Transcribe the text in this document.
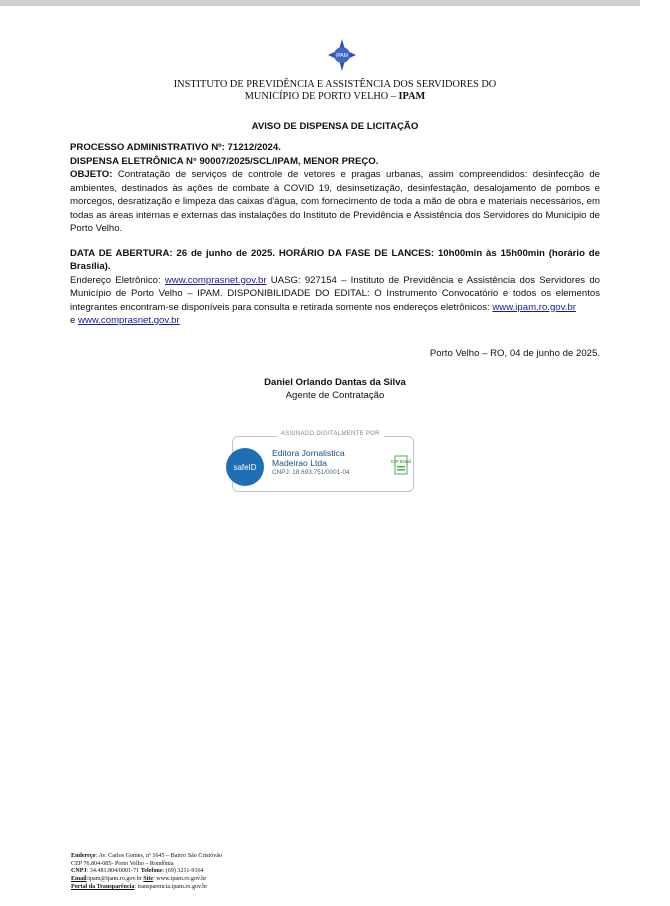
IPAM
INSTITUTO DE PREVIDÊNCIA E ASSISTÊNCIA DOS SERVIDORES DO
MUNICÍPIO DE PORTO VELHO – IPAM
AVISO DE DISPENSA DE LICITAÇÃO

PROCESSO ADMINISTRATIVO Nº: 71212/2024.

DISPENSA ELETRÔNICA N° 90007/2025/SCL/IPAM, MENOR PREÇO.

OBJETO: Contratação de serviços de controle de vetores e pragas urbanas, assim compreendidos: desinfecção de ambientes, destinados às ações de combate à COVID 19, desinsetização, desinfestação, desalojamento de pombos e morcegos, desratização e limpeza das caixas d'água, com fornecimento de toda a mão de obra e materiais necessários, em todas as áreas internas e externas das instalações do Instituto de Previdência e Assistência dos Servidores do Município de Porto Velho.

DATA DE ABERTURA: 26 de junho de 2025. HORÁRIO DA FASE DE LANCES: 10h00min às 15h00min (horário de Brasília).

Endereço Eletrônico: www.comprasnet.gov.br UASG: 927154 – Instituto de Previdência e Assistência dos Servidores do Município de Porto Velho – IPAM. DISPONIBILIDADE DO EDITAL: O Instrumento Convocatório e todos os elementos integrantes encontram-se disponíveis para consulta e retirada somente nos endereços eletrônicos: www.ipam.ro.gov.br
e www.comprasnet.gov.br

Porto Velho – RO, 04 de junho de 2025.
Daniel Orlando Dantas da Silva
Agente de Contratação
ASSINADO DIGITALMENTE POR
safeID
Editora Jornalistica
Madeirao Ltda
CNPJ: 18.693.751/0001-04
ICP Brasil
Endereço: Av. Carlos Gomes, nº 1645 – Bairro São Cristóvão
CEP 76.804-085- Porto Velho – Rondônia
CNPJ: 34.481.804/0001-71 Telefone: (69) 3211-9164
Email:ipam@ipam.ro.gov.br Site: www.ipam.ro.gov.br
Portal da Transparência: transparencia.ipam.ro.gov.br
